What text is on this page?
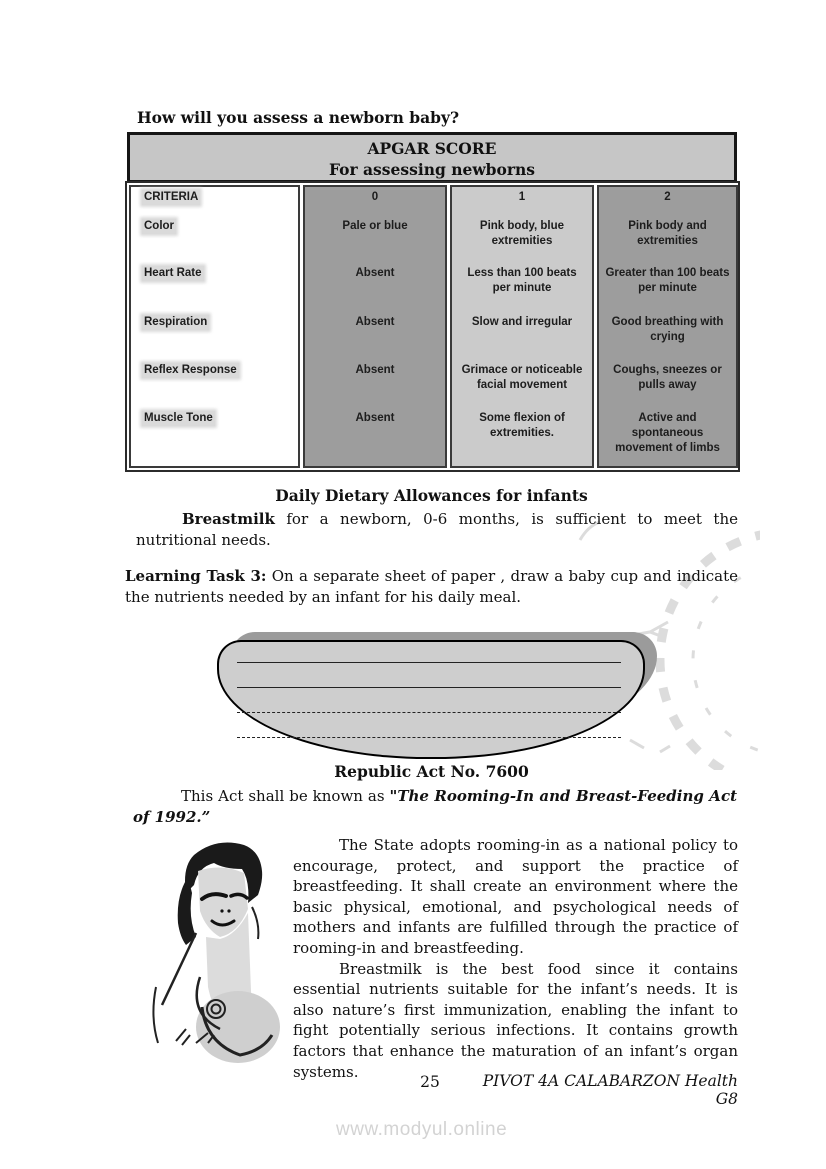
How will you assess a newborn baby?
APGAR SCORE
For assessing newborns
CRITERIA
Color
Heart Rate
Respiration
Reflex Response
Muscle Tone
0
Pale or blue
Absent
Absent
Absent
Absent
1
Pink body, blue extremities
Less than 100 beats per minute
Slow and irregular
Grimace or noticeable facial movement
Some flexion of extremities.
2
Pink body and extremities
Greater than 100 beats per minute
Good breathing with crying
Coughs, sneezes or pulls away
Active and spontaneous movement of limbs
Daily Dietary Allowances for infants
Breastmilk for a newborn, 0-6 months, is sufficient to meet the nutritional needs.
Learning Task 3: On a separate sheet of paper , draw a baby cup and indicate the nutrients needed by an infant for his daily meal.
Republic Act No. 7600
This Act shall be known as "The Rooming-In and Breast-Feeding Act of 1992.”

The State adopts rooming-in as a national policy to encourage, protect, and support the practice of breastfeeding. It shall create an environment where the basic physical, emotional, and psychological needs of mothers and infants are fulfilled through the practice of rooming-in and breastfeeding.

Breastmilk is the best food since it contains essential nutrients suitable for the infant’s needs. It is also nature’s first immunization, enabling the infant to fight potentially serious infections. It contains growth factors that enhance the maturation of an infant’s organ systems.

25	PIVOT 4A CALABARZON Health G8
www.modyul.online
